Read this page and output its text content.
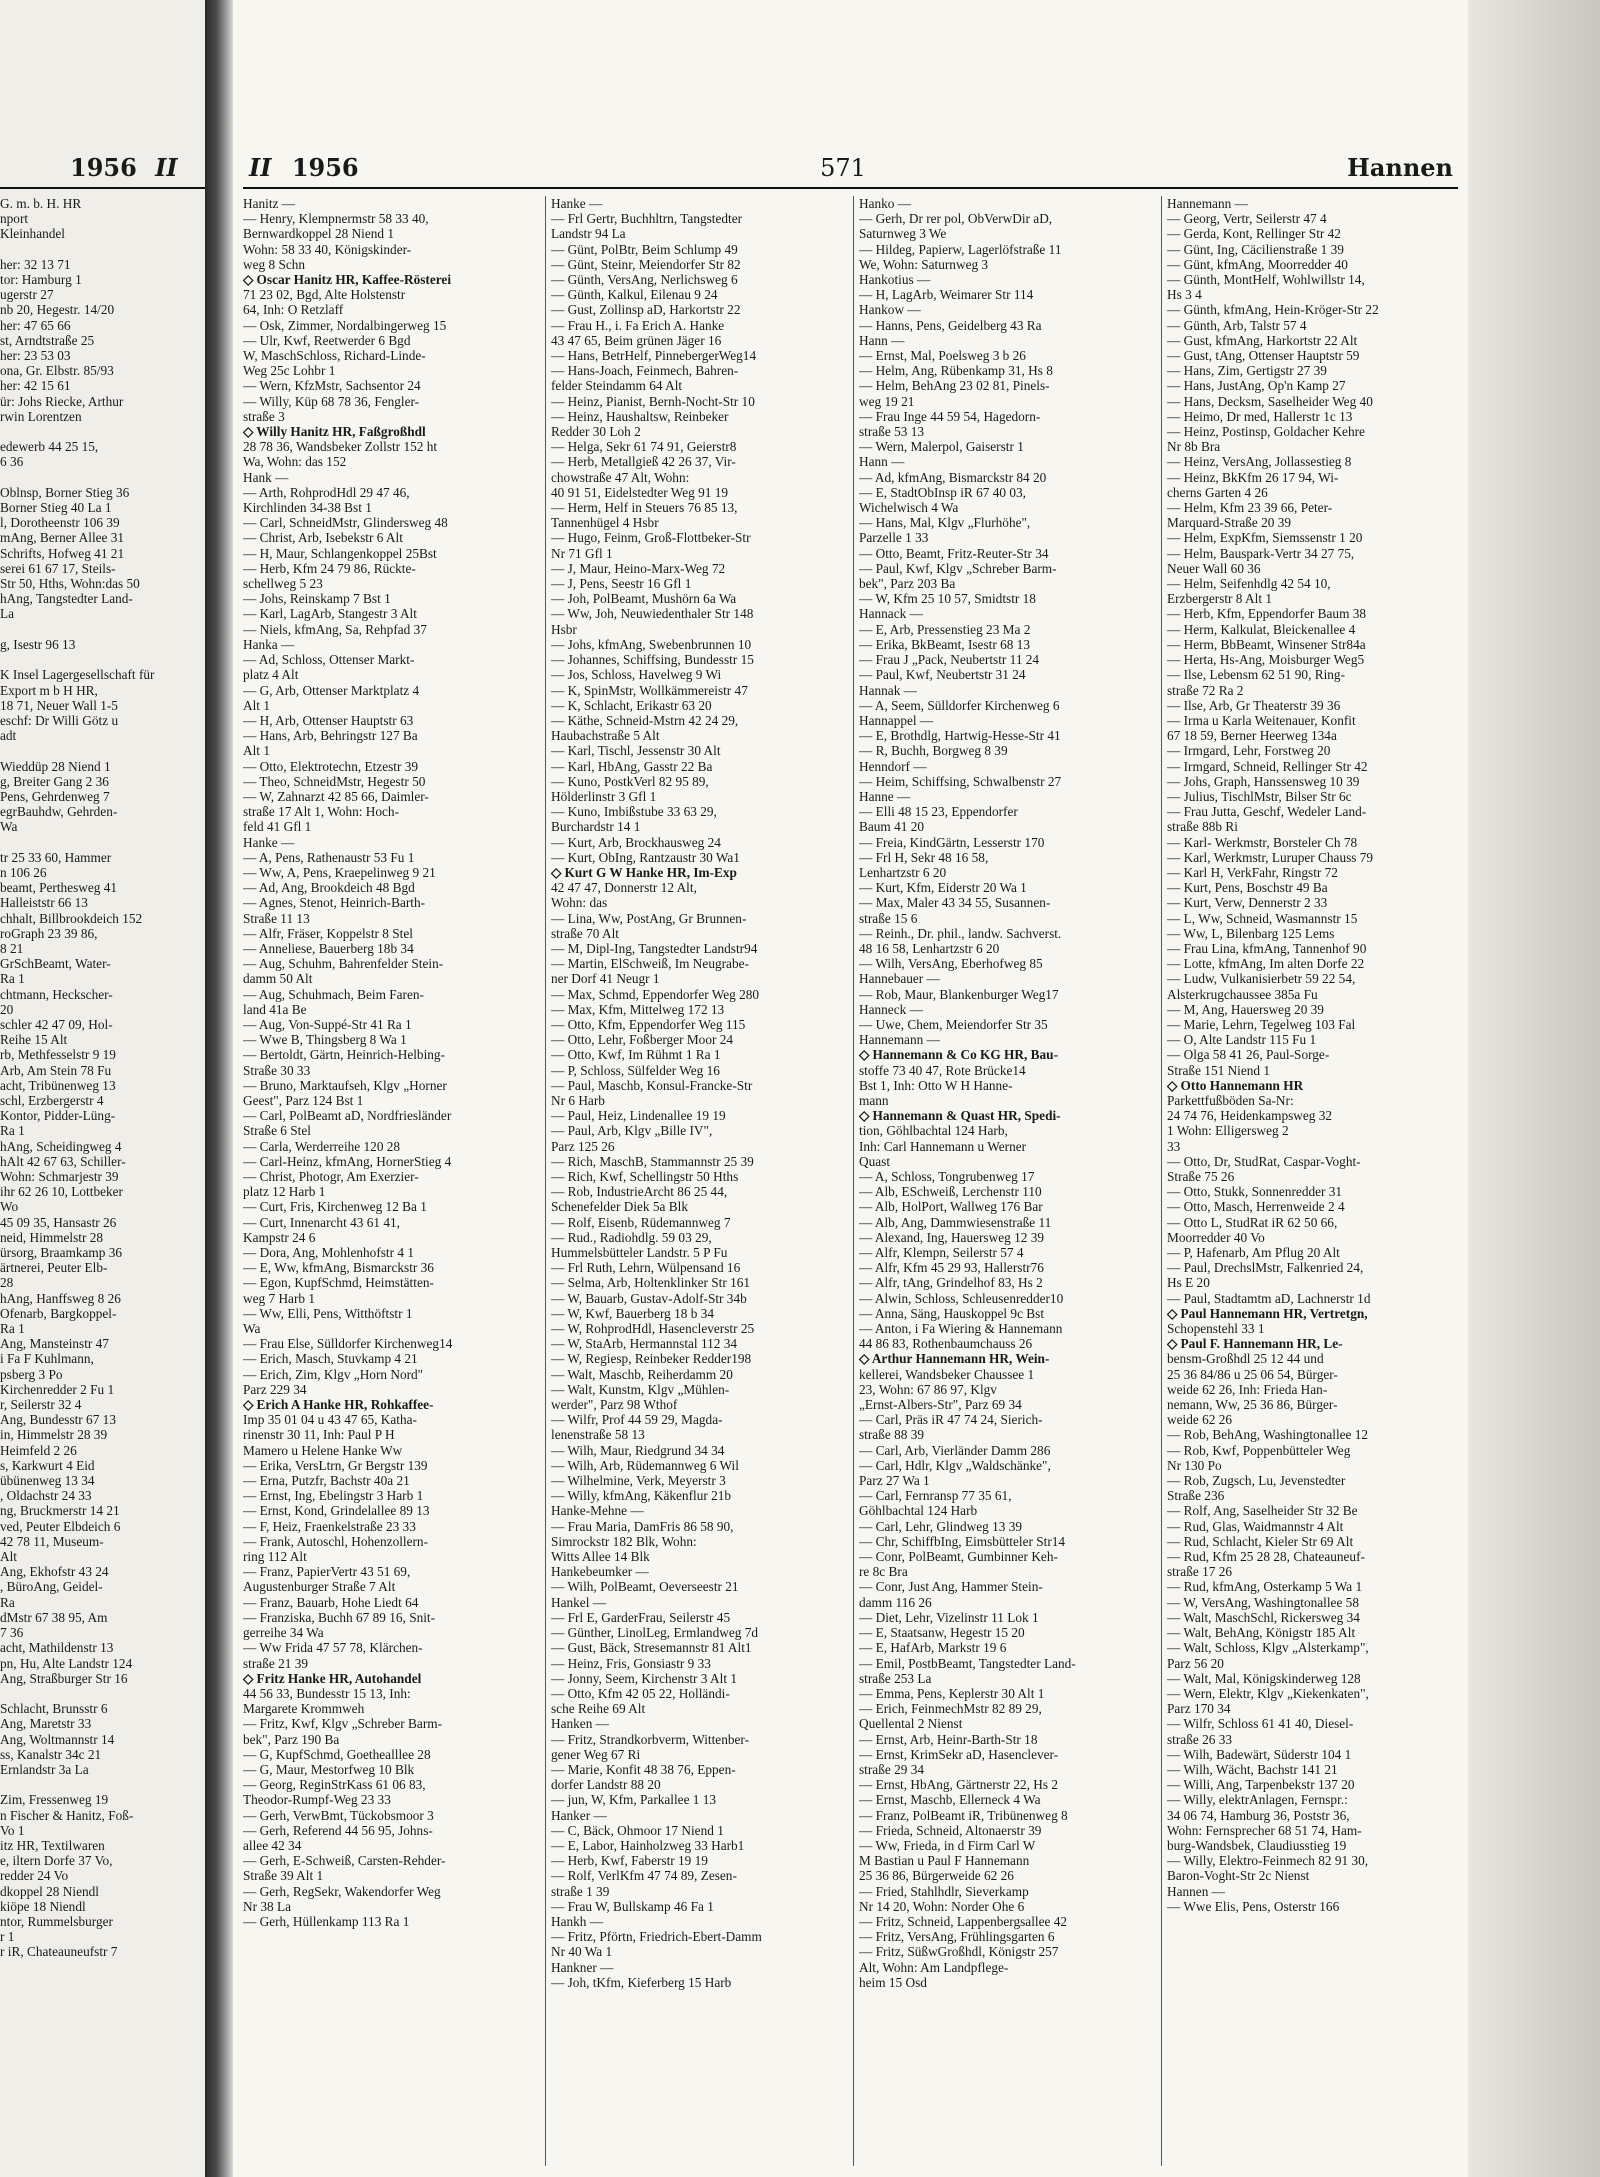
1956 II
G. m. b. H. HR
nport
Kleinhandel

her: 32 13 71
tor: Hamburg 1
ugerstr 27
nb 20, Hegestr. 14/20
her: 47 65 66
st, Arndtstraße 25
her: 23 53 03
ona, Gr. Elbstr. 85/93
her: 42 15 61
ür: Johs Riecke, Arthur
rwin Lorentzen

edewerb 44 25 15,
6 36

Oblnsp, Borner Stieg 36
Borner Stieg 40 La 1
l, Dorotheenstr 106 39
mAng, Berner Allee 31
Schrifts, Hofweg 41 21
serei 61 67 17, Steils-
Str 50, Hths, Wohn:das 50
hAng, Tangstedter Land-
La

g, Isestr 96 13

K Insel Lagergesellschaft für
Export m b H HR,
18 71, Neuer Wall 1-5
eschf: Dr Willi Götz u
adt

Wieddüp 28 Niend 1
g, Breiter Gang 2 36
Pens, Gehrdenweg 7
egrBauhdw, Gehrden-
Wa

tr 25 33 60, Hammer
n 106 26
beamt, Perthesweg 41
Halleiststr 66 13
chhalt, Billbrookdeich 152
roGraph 23 39 86,
8 21
GrSchBeamt, Water-
Ra 1
chtmann, Heckscher-
20
schler 42 47 09, Hol-
Reihe 15 Alt
rb, Methfesselstr 9 19
Arb, Am Stein 78 Fu
acht, Tribünenweg 13
schl, Erzbergerstr 4
Kontor, Pidder-Lüng-
Ra 1
hAng, Scheidingweg 4
hAlt 42 67 63, Schiller-
Wohn: Schmarjestr 39
ihr 62 26 10, Lottbeker
Wo
45 09 35, Hansastr 26
neid, Himmelstr 28
ürsorg, Braamkamp 36
ärtnerei, Peuter Elb-
28
hAng, Hanffsweg 8 26
Ofenarb, Bargkoppel-
Ra 1
Ang, Mansteinstr 47
i Fa F Kuhlmann,
psberg 3 Po
Kirchenredder 2 Fu 1
r, Seilerstr 32 4
Ang, Bundesstr 67 13
in, Himmelstr 28 39
Heimfeld 2 26
s, Karkwurt 4 Eid
übünenweg 13 34
, Oldachstr 24 33
ng, Bruckmerstr 14 21
ved, Peuter Elbdeich 6
42 78 11, Museum-
Alt
Ang, Ekhofstr 43 24
, BüroAng, Geidel-
Ra
dMstr 67 38 95, Am
7 36
acht, Mathildenstr 13
pn, Hu, Alte Landstr 124
Ang, Straßburger Str 16

Schlacht, Brunsstr 6
Ang, Maretstr 33
Ang, Woltmannstr 14
ss, Kanalstr 34c 21
Ernlandstr 3a La

Zim, Fressenweg 19
n Fischer & Hanitz, Foß-
Vo 1
itz HR, Textilwaren
e, iltern Dorfe 37 Vo,
redder 24 Vo
dkoppel 28 Niendl
kiöpe 18 Niendl
ntor, Rummelsburger
r 1
r iR, Chateauneufstr 7
II 1956	571	Hannen
Hanitz —
— Henry, Klempnermstr 58 33 40,
Bernwardkoppel 28 Niend 1
Wohn: 58 33 40, Königskinder-
weg 8 Schn
◇ Oscar Hanitz HR, Kaffee-Rösterei
71 23 02, Bgd, Alte Holstenstr
64, Inh: O Retzlaff
— Osk, Zimmer, Nordalbingerweg 15
— Ulr, Kwf, Reetwerder 6 Bgd
W, MaschSchloss, Richard-Linde-
Weg 25c Lohbr 1
— Wern, KfzMstr, Sachsentor 24
— Willy, Küp 68 78 36, Fengler-
straße 3
◇ Willy Hanitz HR, Faßgroßhdl
28 78 36, Wandsbeker Zollstr 152 ht
Wa, Wohn: das 152
Hank —
— Arth, RohprodHdl 29 47 46,
Kirchlinden 34-38 Bst 1
— Carl, SchneidMstr, Glindersweg 48
— Christ, Arb, Isebekstr 6 Alt
— H, Maur, Schlangenkoppel 25Bst
— Herb, Kfm 24 79 86, Rückte-
schellweg 5 23
— Johs, Reinskamp 7 Bst 1
— Karl, LagArb, Stangestr 3 Alt
— Niels, kfmAng, Sa, Rehpfad 37
Hanka —
— Ad, Schloss, Ottenser Markt-
platz 4 Alt
— G, Arb, Ottenser Marktplatz 4
Alt 1
— H, Arb, Ottenser Hauptstr 63
— Hans, Arb, Behringstr 127 Ba
Alt 1
— Otto, Elektrotechn, Etzestr 39
— Theo, SchneidMstr, Hegestr 50
— W, Zahnarzt 42 85 66, Daimler-
straße 17 Alt 1, Wohn: Hoch-
feld 41 Gfl 1
Hanke —
— A, Pens, Rathenaustr 53 Fu 1
— Ww, A, Pens, Kraepelinweg 9 21
— Ad, Ang, Brookdeich 48 Bgd
— Agnes, Stenot, Heinrich-Barth-
Straße 11 13
— Alfr, Fräser, Koppelstr 8 Stel
— Anneliese, Bauerberg 18b 34
— Aug, Schuhm, Bahrenfelder Stein-
damm 50 Alt
— Aug, Schuhmach, Beim Faren-
land 41a Be
— Aug, Von-Suppé-Str 41 Ra 1
— Wwe B, Thingsberg 8 Wa 1
— Bertoldt, Gärtn, Heinrich-Helbing-
Straße 30 33
— Bruno, Marktaufseh, Klgv „Horner
Geest", Parz 124 Bst 1
— Carl, PolBeamt aD, Nordfriesländer
Straße 6 Stel
— Carla, Werderreihe 120 28
— Carl-Heinz, kfmAng, HornerStieg 4
— Christ, Photogr, Am Exerzier-
platz 12 Harb 1
— Curt, Fris, Kirchenweg 12 Ba 1
— Curt, Innenarcht 43 61 41,
Kampstr 24 6
— Dora, Ang, Mohlenhofstr 4 1
— E, Ww, kfmAng, Bismarckstr 36
— Egon, KupfSchmd, Heimstätten-
weg 7 Harb 1
— Ww, Elli, Pens, Witthöftstr 1
Wa
— Frau Else, Sülldorfer Kirchenweg14
— Erich, Masch, Stuvkamp 4 21
— Erich, Zim, Klgv „Horn Nord"
Parz 229 34
◇ Erich A Hanke HR, Rohkaffee-
Imp 35 01 04 u 43 47 65, Katha-
rinenstr 30 11, Inh: Paul P H
Mamero u Helene Hanke Ww
— Erika, VersLtrn, Gr Bergstr 139
— Erna, Putzfr, Bachstr 40a 21
— Ernst, Ing, Ebelingstr 3 Harb 1
— Ernst, Kond, Grindelallee 89 13
— F, Heiz, Fraenkelstraße 23 33
— Frank, Autoschl, Hohenzollern-
ring 112 Alt
— Franz, PapierVertr 43 51 69,
Augustenburger Straße 7 Alt
— Franz, Bauarb, Hohe Liedt 64
— Franziska, Buchh 67 89 16, Snit-
gerreihe 34 Wa
— Ww Frida 47 57 78, Klärchen-
straße 21 39
◇ Fritz Hanke HR, Autohandel
44 56 33, Bundesstr 15 13, Inh:
Margarete Krommweh
— Fritz, Kwf, Klgv „Schreber Barm-
bek", Parz 190 Ba
— G, KupfSchmd, Goethealllee 28
— G, Maur, Mestorfweg 10 Blk
— Georg, ReginStrKass 61 06 83,
Theodor-Rumpf-Weg 23 33
— Gerh, VerwBmt, Tückobsmoor 3
— Gerh, Referend 44 56 95, Johns-
allee 42 34
— Gerh, E-Schweiß, Carsten-Rehder-
Straße 39 Alt 1
— Gerh, RegSekr, Wakendorfer Weg
Nr 38 La
— Gerh, Hüllenkamp 113 Ra 1
Hanke —
— Frl Gertr, Buchhltrn, Tangstedter
Landstr 94 La
— Günt, PolBtr, Beim Schlump 49
— Günt, Steinr, Meiendorfer Str 82
— Günth, VersAng, Nerlichsweg 6
— Günth, Kalkul, Eilenau 9 24
— Gust, Zollinsp aD, Harkortstr 22
— Frau H., i. Fa Erich A. Hanke
43 47 65, Beim grünen Jäger 16
— Hans, BetrHelf, PinnebergerWeg14
— Hans-Joach, Feinmech, Bahren-
felder Steindamm 64 Alt
— Heinz, Pianist, Bernh-Nocht-Str 10
— Heinz, Haushaltsw, Reinbeker
Redder 30 Loh 2
— Helga, Sekr 61 74 91, Geierstr8
— Herb, Metallgieß 42 26 37, Vir-
chowstraße 47 Alt, Wohn:
40 91 51, Eidelstedter Weg 91 19
— Herm, Helf in Steuers 76 85 13,
Tannenhügel 4 Hsbr
— Hugo, Feinm, Groß-Flottbeker-Str
Nr 71 Gfl 1
— J, Maur, Heino-Marx-Weg 72
— J, Pens, Seestr 16 Gfl 1
— Joh, PolBeamt, Mushörn 6a Wa
— Ww, Joh, Neuwiedenthaler Str 148
Hsbr
— Johs, kfmAng, Swebenbrunnen 10
— Johannes, Schiffsing, Bundesstr 15
— Jos, Schloss, Havelweg 9 Wi
— K, SpinMstr, Wollkämmereistr 47
— K, Schlacht, Erikastr 63 20
— Käthe, Schneid-Mstrn 42 24 29,
Haubachstraße 5 Alt
— Karl, Tischl, Jessenstr 30 Alt
— Karl, HbAng, Gasstr 22 Ba
— Kuno, PostkVerl 82 95 89,
Hölderlinstr 3 Gfl 1
— Kuno, Imbißstube 33 63 29,
Burchardstr 14 1
— Kurt, Arb, Brockhausweg 24
— Kurt, ObIng, Rantzaustr 30 Wa1
◇ Kurt G W Hanke HR, Im-Exp
42 47 47, Donnerstr 12 Alt,
Wohn: das
— Lina, Ww, PostAng, Gr Brunnen-
straße 70 Alt
— M, Dipl-Ing, Tangstedter Landstr94
— Martin, ElSchweiß, Im Neugrabe-
ner Dorf 41 Neugr 1
— Max, Schmd, Eppendorfer Weg 280
— Max, Kfm, Mittelweg 172 13
— Otto, Kfm, Eppendorfer Weg 115
— Otto, Lehr, Foßberger Moor 24
— Otto, Kwf, Im Rühmt 1 Ra 1
— P, Schloss, Sülfelder Weg 16
— Paul, Maschb, Konsul-Francke-Str
Nr 6 Harb
— Paul, Heiz, Lindenallee 19 19
— Paul, Arb, Klgv „Bille IV",
Parz 125 26
— Rich, MaschB, Stammannstr 25 39
— Rich, Kwf, Schellingstr 50 Hths
— Rob, IndustrieArcht 86 25 44,
Schenefelder Diek 5a Blk
— Rolf, Eisenb, Rüdemannweg 7
— Rud., Radiohdlg. 59 03 29,
Hummelsbütteler Landstr. 5 P Fu
— Frl Ruth, Lehrn, Wülpensand 16
— Selma, Arb, Holtenklinker Str 161
— W, Bauarb, Gustav-Adolf-Str 34b
— W, Kwf, Bauerberg 18 b 34
— W, RohprodHdl, Hasencleverstr 25
— W, StaArb, Hermannstal 112 34
— W, Regiesp, Reinbeker Redder198
— Walt, Maschb, Reiherdamm 20
— Walt, Kunstm, Klgv „Mühlen-
werder", Parz 98 Wthof
— Wilfr, Prof 44 59 29, Magda-
lenenstraße 58 13
— Wilh, Maur, Riedgrund 34 34
— Wilh, Arb, Rüdemannweg 6 Wil
— Wilhelmine, Verk, Meyerstr 3
— Willy, kfmAng, Käkenflur 21b
Hanke-Mehne —
— Frau Maria, DamFris 86 58 90,
Simrockstr 182 Blk, Wohn:
Witts Allee 14 Blk
Hankebeumker —
— Wilh, PolBeamt, Oeverseestr 21
Hankel —
— Frl E, GarderFrau, Seilerstr 45
— Günther, LinolLeg, Ermlandweg 7d
— Gust, Bäck, Stresemannstr 81 Alt1
— Heinz, Fris, Gonsiastr 9 33
— Jonny, Seem, Kirchenstr 3 Alt 1
— Otto, Kfm 42 05 22, Holländi-
sche Reihe 69 Alt
Hanken —
— Fritz, Strandkorbverm, Wittenber-
gener Weg 67 Ri
— Marie, Konfit 48 38 76, Eppen-
dorfer Landstr 88 20
— jun, W, Kfm, Parkallee 1 13
Hanker —
— C, Bäck, Ohmoor 17 Niend 1
— E, Labor, Hainholzweg 33 Harb1
— Herb, Kwf, Faberstr 19 19
— Rolf, VerlKfm 47 74 89, Zesen-
straße 1 39
— Frau W, Bullskamp 46 Fa 1
Hankh —
— Fritz, Pförtn, Friedrich-Ebert-Damm
Nr 40 Wa 1
Hankner —
— Joh, tKfm, Kieferberg 15 Harb
Hanko —
— Gerh, Dr rer pol, ObVerwDir aD,
Saturnweg 3 We
— Hildeg, Papierw, Lagerlöfstraße 11
We, Wohn: Saturnweg 3
Hankotius —
— H, LagArb, Weimarer Str 114
Hankow —
— Hanns, Pens, Geidelberg 43 Ra
Hann —
— Ernst, Mal, Poelsweg 3 b 26
— Helm, Ang, Rübenkamp 31, Hs 8
— Helm, BehAng 23 02 81, Pinels-
weg 19 21
— Frau Inge 44 59 54, Hagedorn-
straße 53 13
— Wern, Malerpol, Gaiserstr 1
Hann —
— Ad, kfmAng, Bismarckstr 84 20
— E, StadtObInsp iR 67 40 03,
Wichelwisch 4 Wa
— Hans, Mal, Klgv „Flurhöhe",
Parzelle 1 33
— Otto, Beamt, Fritz-Reuter-Str 34
— Paul, Kwf, Klgv „Schreber Barm-
bek", Parz 203 Ba
— W, Kfm 25 10 57, Smidtstr 18
Hannack —
— E, Arb, Pressenstieg 23 Ma 2
— Erika, BkBeamt, Isestr 68 13
— Frau J „Pack, Neubertstr 11 24
— Paul, Kwf, Neubertstr 31 24
Hannak —
— A, Seem, Sülldorfer Kirchenweg 6
Hannappel —
— E, Brothdlg, Hartwig-Hesse-Str 41
— R, Buchh, Borgweg 8 39
Henndorf —
— Heim, Schiffsing, Schwalbenstr 27
Hanne —
— Elli 48 15 23, Eppendorfer
Baum 41 20
— Freia, KindGärtn, Lesserstr 170
— Frl H, Sekr 48 16 58,
Lenhartzstr 6 20
— Kurt, Kfm, Eiderstr 20 Wa 1
— Max, Maler 43 34 55, Susannen-
straße 15 6
— Reinh., Dr. phil., landw. Sachverst.
48 16 58, Lenhartzstr 6 20
— Wilh, VersAng, Eberhofweg 85
Hannebauer —
— Rob, Maur, Blankenburger Weg17
Hanneck —
— Uwe, Chem, Meiendorfer Str 35
Hannemann —
◇ Hannemann & Co KG HR, Bau-
stoffe 73 40 47, Rote Brücke14
Bst 1, Inh: Otto W H Hanne-
mann
◇ Hannemann & Quast HR, Spedi-
tion, Göhlbachtal 124 Harb,
Inh: Carl Hannemann u Werner
Quast
— A, Schloss, Tongrubenweg 17
— Alb, ESchweiß, Lerchenstr 110
— Alb, HolPort, Wallweg 176 Bar
— Alb, Ang, Dammwiesenstraße 11
— Alexand, Ing, Hauersweg 12 39
— Alfr, Klempn, Seilerstr 57 4
— Alfr, Kfm 45 29 93, Hallerstr76
— Alfr, tAng, Grindelhof 83, Hs 2
— Alwin, Schloss, Schleusenredder10
— Anna, Säng, Hauskoppel 9c Bst
— Anton, i Fa Wiering & Hannemann
44 86 83, Rothenbaumchauss 26
◇ Arthur Hannemann HR, Wein-
kellerei, Wandsbeker Chaussee 1
23, Wohn: 67 86 97, Klgv
„Ernst-Albers-Str", Parz 69 34
— Carl, Präs iR 47 74 24, Sierich-
straße 88 39
— Carl, Arb, Vierländer Damm 286
— Carl, Hdlr, Klgv „Waldschänke",
Parz 27 Wa 1
— Carl, Fernransp 77 35 61,
Göhlbachtal 124 Harb
— Carl, Lehr, Glindweg 13 39
— Chr, SchiffbIng, Eimsbütteler Str14
— Conr, PolBeamt, Gumbinner Keh-
re 8c Bra
— Conr, Just Ang, Hammer Stein-
damm 116 26
— Diet, Lehr, Vizelinstr 11 Lok 1
— E, Staatsanw, Hegestr 15 20
— E, HafArb, Markstr 19 6
— Emil, PostbBeamt, Tangstedter Land-
straße 253 La
— Emma, Pens, Keplerstr 30 Alt 1
— Erich, FeinmechMstr 82 89 29,
Quellental 2 Nienst
— Ernst, Arb, Heinr-Barth-Str 18
— Ernst, KrimSekr aD, Hasenclever-
straße 29 34
— Ernst, HbAng, Gärtnerstr 22, Hs 2
— Ernst, Maschb, Ellerneck 4 Wa
— Franz, PolBeamt iR, Tribünenweg 8
— Frieda, Schneid, Altonaerstr 39
— Ww, Frieda, in d Firm Carl W
M Bastian u Paul F Hannemann
25 36 86, Bürgerweide 62 26
— Fried, Stahlhdlr, Sieverkamp
Nr 14 20, Wohn: Norder Ohe 6
— Fritz, Schneid, Lappenbergsallee 42
— Fritz, VersAng, Frühlingsgarten 6
— Fritz, SüßwGroßhdl, Königstr 257
Alt, Wohn: Am Landpflege-
heim 15 Osd
Hannemann —
— Georg, Vertr, Seilerstr 47 4
— Gerda, Kont, Rellinger Str 42
— Günt, Ing, Cäcilienstraße 1 39
— Günt, kfmAng, Moorredder 40
— Günth, MontHelf, Wohlwillstr 14,
Hs 3 4
— Günth, kfmAng, Hein-Kröger-Str 22
— Günth, Arb, Talstr 57 4
— Gust, kfmAng, Harkortstr 22 Alt
— Gust, tAng, Ottenser Hauptstr 59
— Hans, Zim, Gertigstr 27 39
— Hans, JustAng, Op'n Kamp 27
— Hans, Decksm, Saselheider Weg 40
— Heimo, Dr med, Hallerstr 1c 13
— Heinz, Postinsp, Goldacher Kehre
Nr 8b Bra
— Heinz, VersAng, Jollassestieg 8
— Heinz, BkKfm 26 17 94, Wi-
cherns Garten 4 26
— Helm, Kfm 23 39 66, Peter-
Marquard-Straße 20 39
— Helm, ExpKfm, Siemssenstr 1 20
— Helm, Bauspark-Vertr 34 27 75,
Neuer Wall 60 36
— Helm, Seifenhdlg 42 54 10,
Erzbergerstr 8 Alt 1
— Herb, Kfm, Eppendorfer Baum 38
— Herm, Kalkulat, Bleickenallee 4
— Herm, BbBeamt, Winsener Str84a
— Herta, Hs-Ang, Moisburger Weg5
— Ilse, Lebensm 62 51 90, Ring-
straße 72 Ra 2
— Ilse, Arb, Gr Theaterstr 39 36
— Irma u Karla Weitenauer, Konfit
67 18 59, Berner Heerweg 134a
— Irmgard, Lehr, Forstweg 20
— Irmgard, Schneid, Rellinger Str 42
— Johs, Graph, Hanssensweg 10 39
— Julius, TischlMstr, Bilser Str 6c
— Frau Jutta, Geschf, Wedeler Land-
straße 88b Ri
— Karl- Werkmstr, Borsteler Ch 78
— Karl, Werkmstr, Luruper Chauss 79
— Karl H, VerkFahr, Ringstr 72
— Kurt, Pens, Boschstr 49 Ba
— Kurt, Verw, Dennerstr 2 33
— L, Ww, Schneid, Wasmannstr 15
— Ww, L, Bilenbarg 125 Lems
— Frau Lina, kfmAng, Tannenhof 90
— Lotte, kfmAng, Im alten Dorfe 22
— Ludw, Vulkanisierbetr 59 22 54,
Alsterkrugchaussee 385a Fu
— M, Ang, Hauersweg 20 39
— Marie, Lehrn, Tegelweg 103 Fal
— O, Alte Landstr 115 Fu 1
— Olga 58 41 26, Paul-Sorge-
Straße 151 Niend 1
◇ Otto Hannemann HR
Parkettfußböden Sa-Nr:
24 74 76, Heidenkampsweg 32
1 Wohn: Elligersweg 2
33
— Otto, Dr, StudRat, Caspar-Voght-
Straße 75 26
— Otto, Stukk, Sonnenredder 31
— Otto, Masch, Herrenweide 2 4
— Otto L, StudRat iR 62 50 66,
Moorredder 40 Vo
— P, Hafenarb, Am Pflug 20 Alt
— Paul, DrechslMstr, Falkenried 24,
Hs E 20
— Paul, Stadtamtm aD, Lachnerstr 1d
◇ Paul Hannemann HR, Vertretgn,
Schopenstehl 33 1
◇ Paul F. Hannemann HR, Le-
bensm-Großhdl 25 12 44 und
25 36 84/86 u 25 06 54, Bürger-
weide 62 26, Inh: Frieda Han-
nemann, Ww, 25 36 86, Bürger-
weide 62 26
— Rob, BehAng, Washingtonallee 12
— Rob, Kwf, Poppenbütteler Weg
Nr 130 Po
— Rob, Zugsch, Lu, Jevenstedter
Straße 236
— Rolf, Ang, Saselheider Str 32 Be
— Rud, Glas, Waidmannstr 4 Alt
— Rud, Schlacht, Kieler Str 69 Alt
— Rud, Kfm 25 28 28, Chateauneuf-
straße 17 26
— Rud, kfmAng, Osterkamp 5 Wa 1
— W, VersAng, Washingtonallee 58
— Walt, MaschSchl, Rickersweg 34
— Walt, BehAng, Königstr 185 Alt
— Walt, Schloss, Klgv „Alsterkamp",
Parz 56 20
— Walt, Mal, Königskinderweg 128
— Wern, Elektr, Klgv „Kiekenkaten",
Parz 170 34
— Wilfr, Schloss 61 41 40, Diesel-
straße 26 33
— Wilh, Badewärt, Süderstr 104 1
— Wilh, Wächt, Bachstr 141 21
— Willi, Ang, Tarpenbekstr 137 20
— Willy, elektrAnlagen, Fernspr.:
34 06 74, Hamburg 36, Poststr 36,
Wohn: Fernsprecher 68 51 74, Ham-
burg-Wandsbek, Claudiusstieg 19
— Willy, Elektro-Feinmech 82 91 30,
Baron-Voght-Str 2c Nienst
Hannen —
— Wwe Elis, Pens, Osterstr 166
